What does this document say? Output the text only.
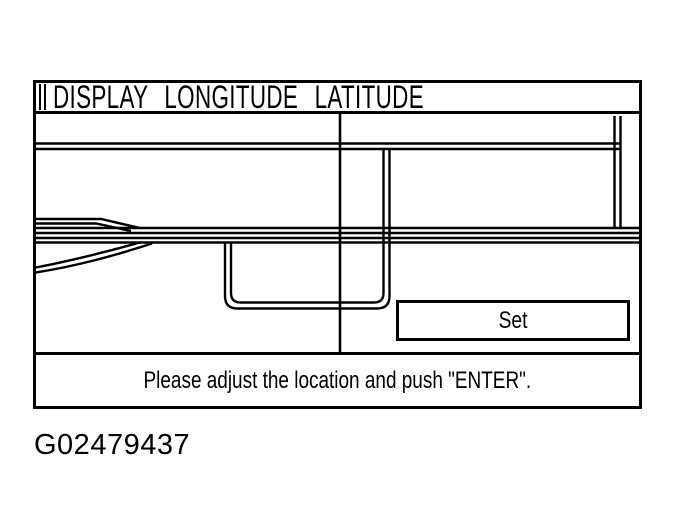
DISPLAY LONGITUDE LATITUDE
Set
Please adjust the location and push "ENTER".
G02479437
